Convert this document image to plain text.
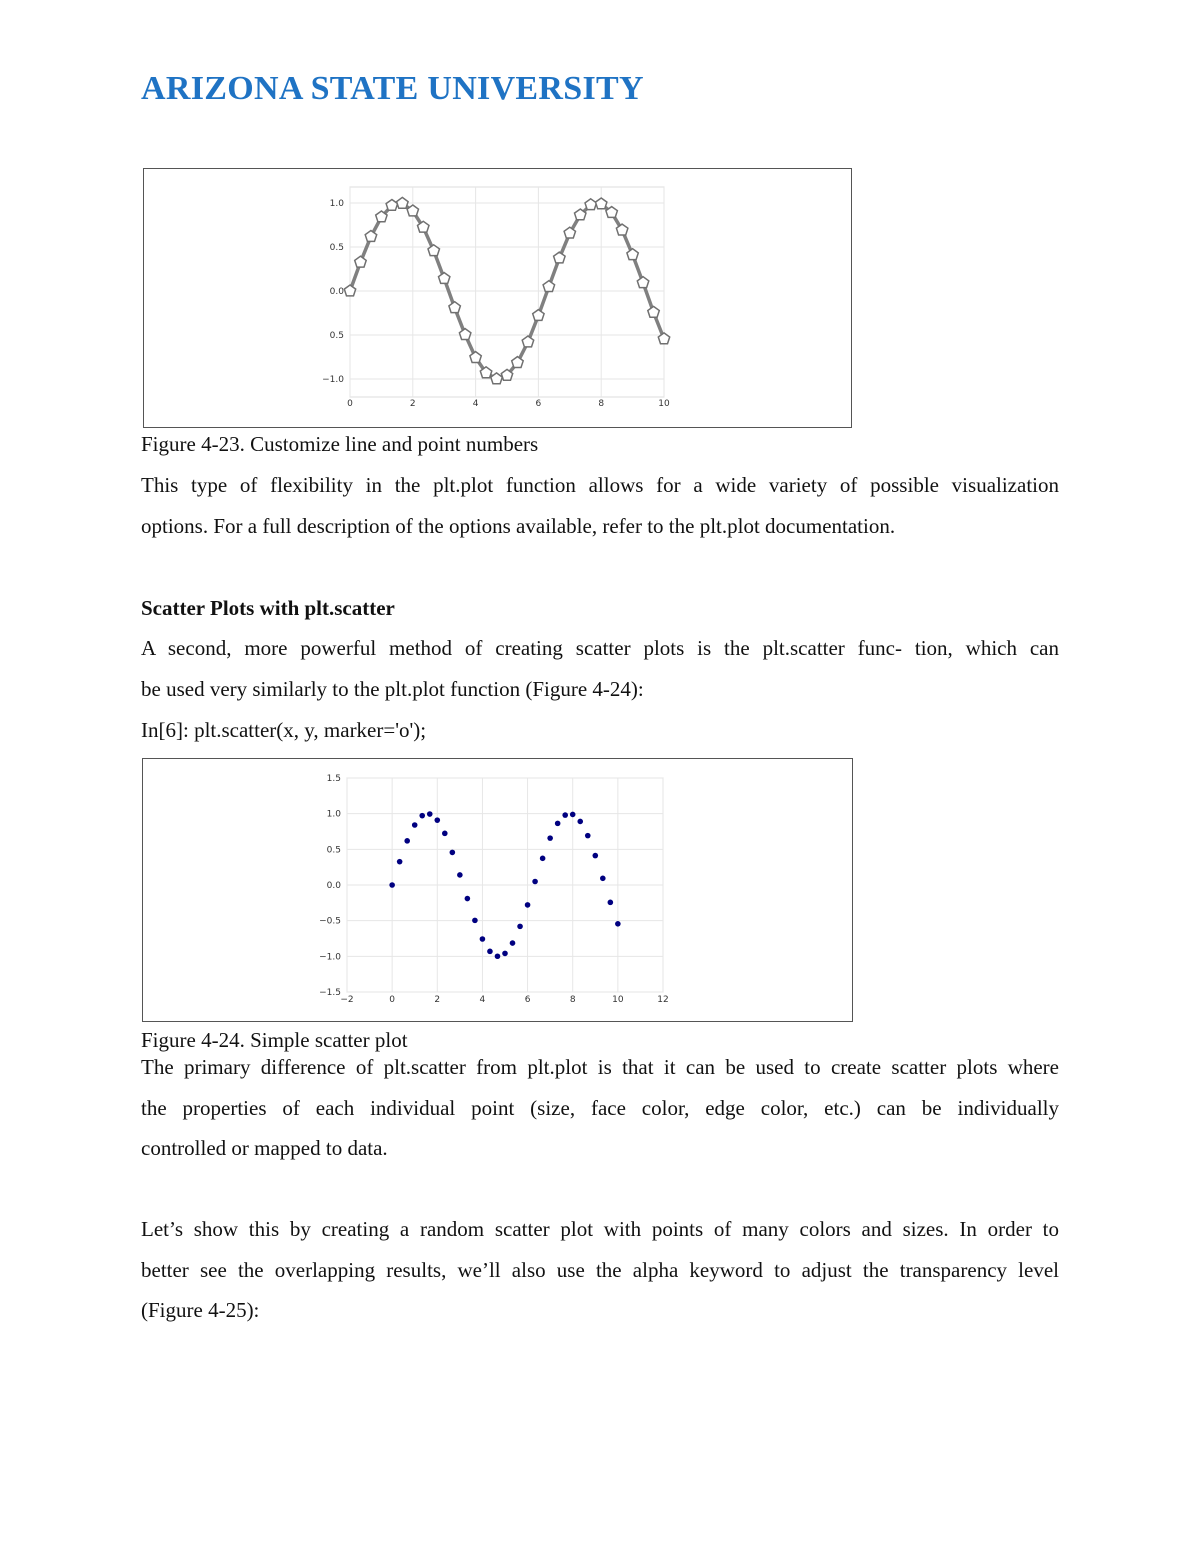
ARIZONA STATE UNIVERSITY
0	2	4	6	8	10
1.0
0.5
0.0
0.5
−1.0
Figure 4-23. Customize line and point numbers
This type of flexibility in the plt.plot function allows for a wide variety of possible visualization
options. For a full description of the options available, refer to the plt.plot documentation.
Scatter Plots with plt.scatter
A second, more powerful method of creating scatter plots is the plt.scatter func- tion, which can
be used very similarly to the plt.plot function (Figure 4-24):
In[6]: plt.scatter(x, y, marker='o');
−2	0	2	4	6	8	10	12
1.5
1.0
0.5
0.0
−0.5
−1.0
−1.5
Figure 4-24. Simple scatter plot
The primary difference of plt.scatter from plt.plot is that it can be used to create scatter plots where
the properties of each individual point (size, face color, edge color, etc.) can be individually
controlled or mapped to data.
Let’s show this by creating a random scatter plot with points of many colors and sizes. In order to
better see the overlapping results, we’ll also use the alpha keyword to adjust the transparency level
(Figure 4-25):
